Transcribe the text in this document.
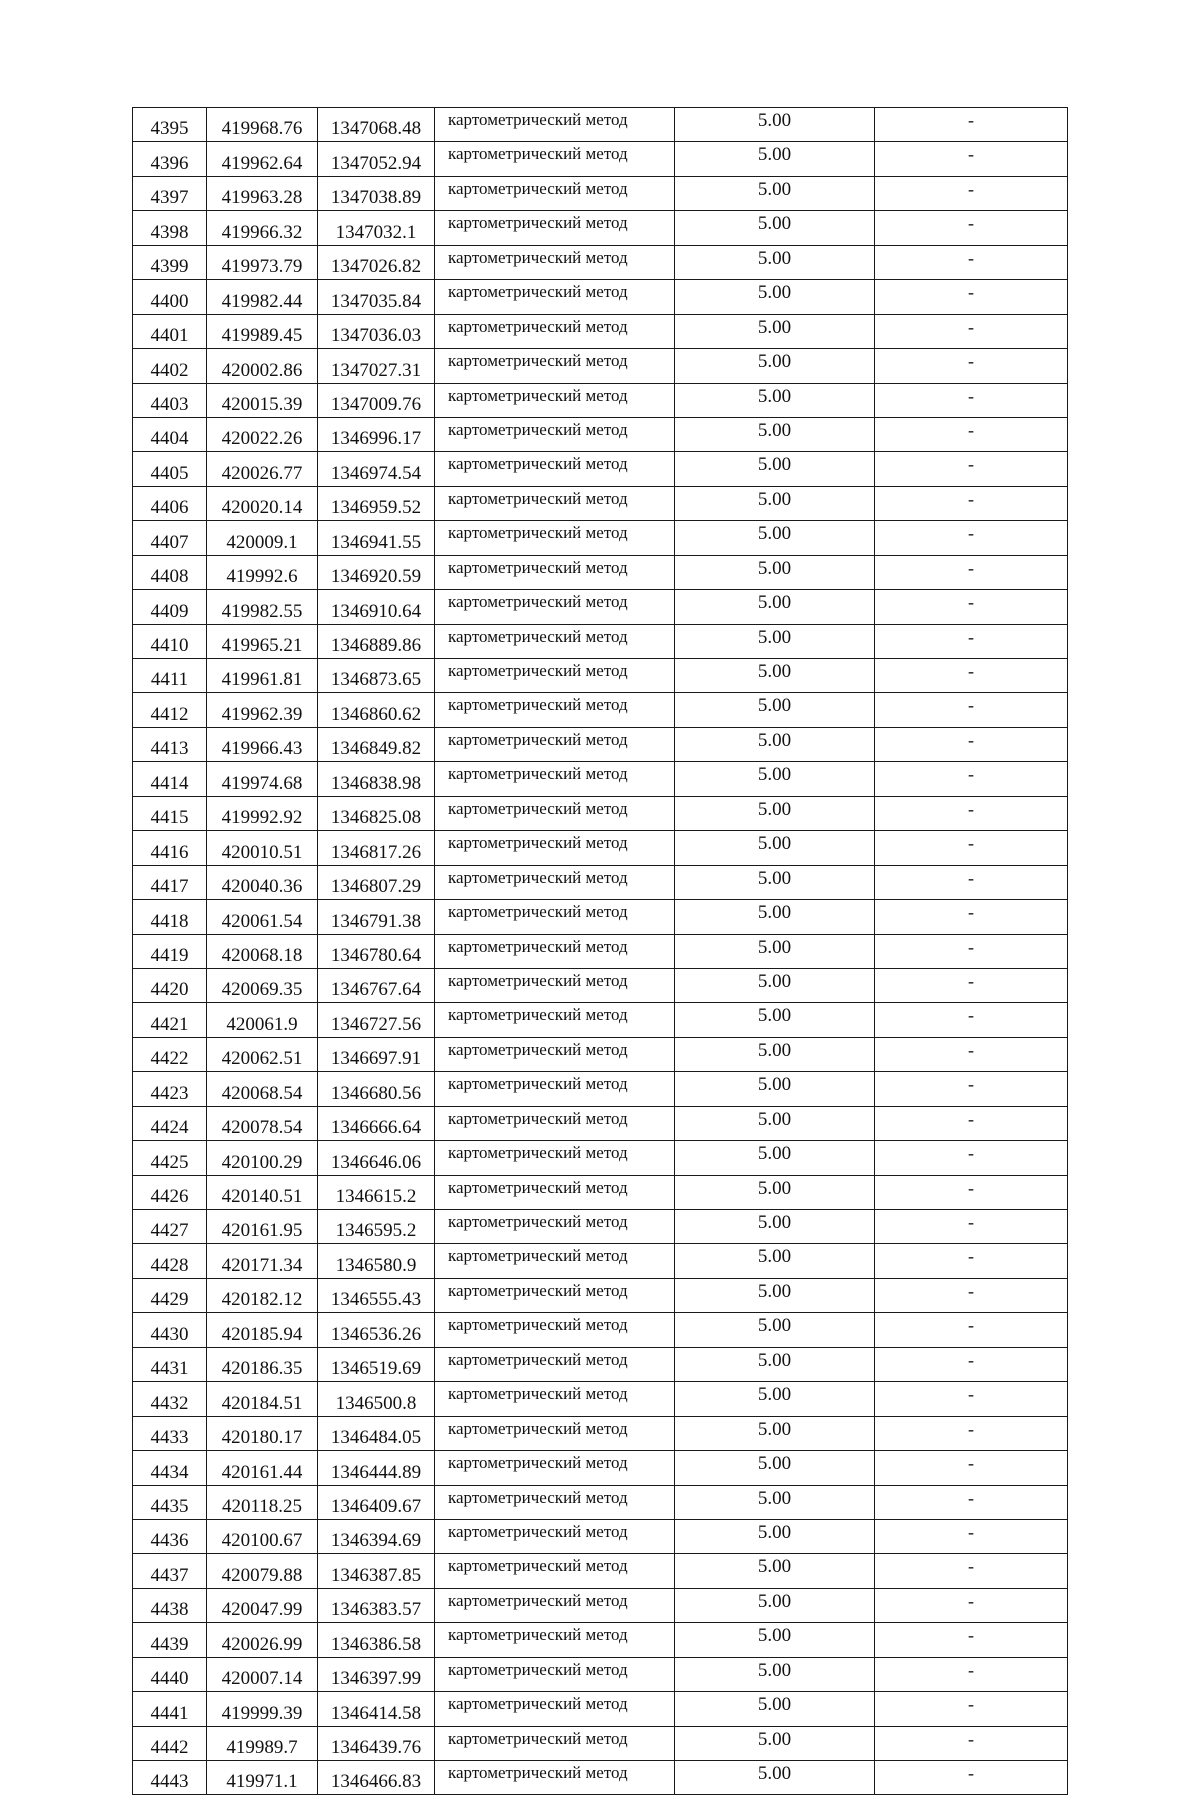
4395	419968.76	1347068.48	картометрический метод	5.00	-
4396	419962.64	1347052.94	картометрический метод	5.00	-
4397	419963.28	1347038.89	картометрический метод	5.00	-
4398	419966.32	1347032.1	картометрический метод	5.00	-
4399	419973.79	1347026.82	картометрический метод	5.00	-
4400	419982.44	1347035.84	картометрический метод	5.00	-
4401	419989.45	1347036.03	картометрический метод	5.00	-
4402	420002.86	1347027.31	картометрический метод	5.00	-
4403	420015.39	1347009.76	картометрический метод	5.00	-
4404	420022.26	1346996.17	картометрический метод	5.00	-
4405	420026.77	1346974.54	картометрический метод	5.00	-
4406	420020.14	1346959.52	картометрический метод	5.00	-
4407	420009.1	1346941.55	картометрический метод	5.00	-
4408	419992.6	1346920.59	картометрический метод	5.00	-
4409	419982.55	1346910.64	картометрический метод	5.00	-
4410	419965.21	1346889.86	картометрический метод	5.00	-
4411	419961.81	1346873.65	картометрический метод	5.00	-
4412	419962.39	1346860.62	картометрический метод	5.00	-
4413	419966.43	1346849.82	картометрический метод	5.00	-
4414	419974.68	1346838.98	картометрический метод	5.00	-
4415	419992.92	1346825.08	картометрический метод	5.00	-
4416	420010.51	1346817.26	картометрический метод	5.00	-
4417	420040.36	1346807.29	картометрический метод	5.00	-
4418	420061.54	1346791.38	картометрический метод	5.00	-
4419	420068.18	1346780.64	картометрический метод	5.00	-
4420	420069.35	1346767.64	картометрический метод	5.00	-
4421	420061.9	1346727.56	картометрический метод	5.00	-
4422	420062.51	1346697.91	картометрический метод	5.00	-
4423	420068.54	1346680.56	картометрический метод	5.00	-
4424	420078.54	1346666.64	картометрический метод	5.00	-
4425	420100.29	1346646.06	картометрический метод	5.00	-
4426	420140.51	1346615.2	картометрический метод	5.00	-
4427	420161.95	1346595.2	картометрический метод	5.00	-
4428	420171.34	1346580.9	картометрический метод	5.00	-
4429	420182.12	1346555.43	картометрический метод	5.00	-
4430	420185.94	1346536.26	картометрический метод	5.00	-
4431	420186.35	1346519.69	картометрический метод	5.00	-
4432	420184.51	1346500.8	картометрический метод	5.00	-
4433	420180.17	1346484.05	картометрический метод	5.00	-
4434	420161.44	1346444.89	картометрический метод	5.00	-
4435	420118.25	1346409.67	картометрический метод	5.00	-
4436	420100.67	1346394.69	картометрический метод	5.00	-
4437	420079.88	1346387.85	картометрический метод	5.00	-
4438	420047.99	1346383.57	картометрический метод	5.00	-
4439	420026.99	1346386.58	картометрический метод	5.00	-
4440	420007.14	1346397.99	картометрический метод	5.00	-
4441	419999.39	1346414.58	картометрический метод	5.00	-
4442	419989.7	1346439.76	картометрический метод	5.00	-
4443	419971.1	1346466.83	картометрический метод	5.00	-
